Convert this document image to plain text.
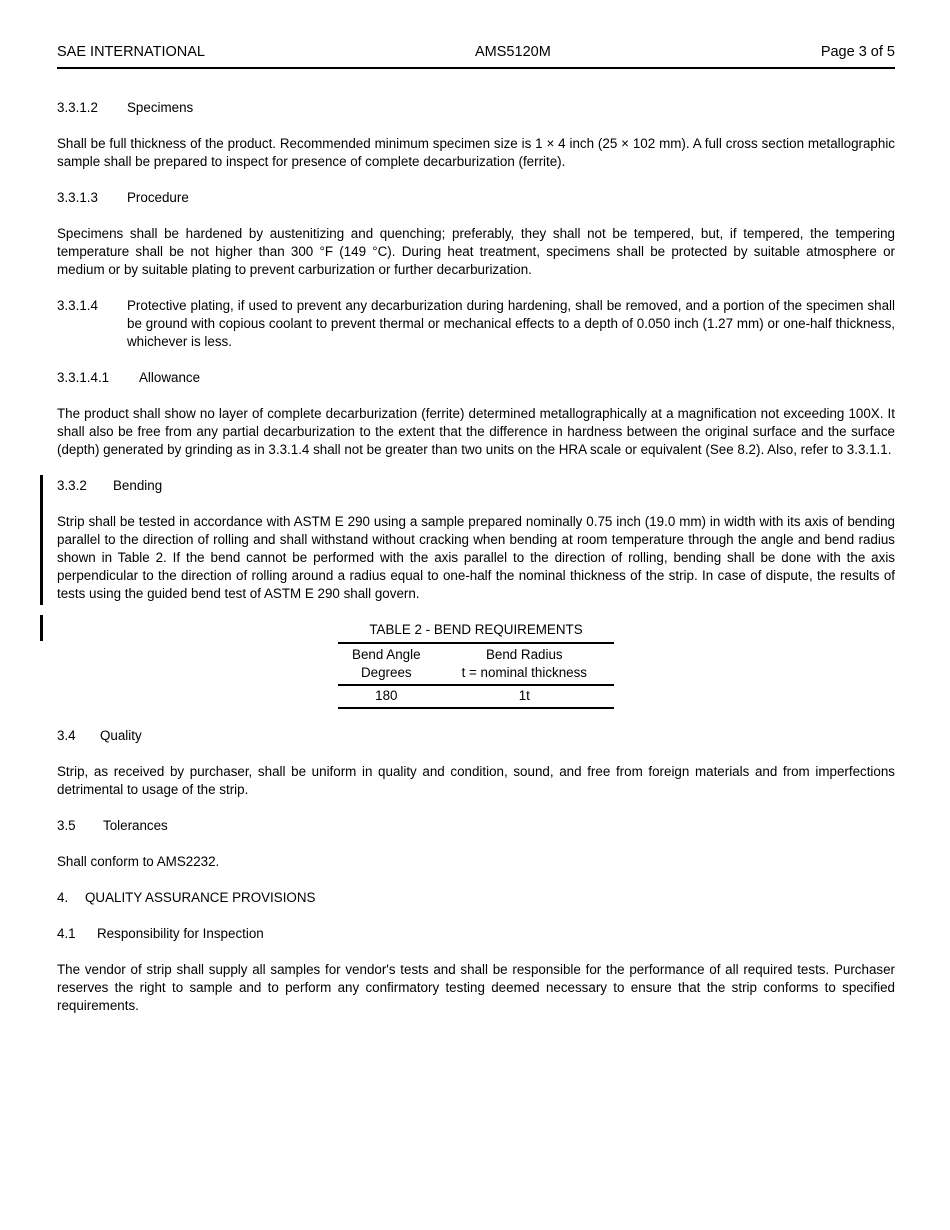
SAE INTERNATIONAL	AMS5120M	Page 3 of 5
3.3.1.2 Specimens

Shall be full thickness of the product. Recommended minimum specimen size is 1 × 4 inch (25 × 102 mm). A full cross section metallographic sample shall be prepared to inspect for presence of complete decarburization (ferrite).

3.3.1.3 Procedure

Specimens shall be hardened by austenitizing and quenching; preferably, they shall not be tempered, but, if tempered, the tempering temperature shall be not higher than 300 °F (149 °C). During heat treatment, specimens shall be protected by suitable atmosphere or medium or by suitable plating to prevent carburization or further decarburization.

3.3.1.4 Protective plating, if used to prevent any decarburization during hardening, shall be removed, and a portion of the specimen shall be ground with copious coolant to prevent thermal or mechanical effects to a depth of 0.050 inch (1.27 mm) or one-half thickness, whichever is less.
3.3.1.4.1 Allowance

The product shall show no layer of complete decarburization (ferrite) determined metallographically at a magnification not exceeding 100X. It shall also be free from any partial decarburization to the extent that the difference in hardness between the original surface and the surface (depth) generated by grinding as in 3.3.1.4 shall not be greater than two units on the HRA scale or equivalent (See 8.2). Also, refer to 3.3.1.1.

3.3.2 Bending

Strip shall be tested in accordance with ASTM E 290 using a sample prepared nominally 0.75 inch (19.0 mm) in width with its axis of bending parallel to the direction of rolling and shall withstand without cracking when bending at room temperature through the angle and bend radius shown in Table 2. If the bend cannot be performed with the axis parallel to the direction of rolling, bending shall be done with the axis perpendicular to the direction of rolling around a radius equal to one-half the nominal thickness of the strip. In case of dispute, the results of tests using the guided bend test of ASTM E 290 shall govern.

TABLE 2 - BEND REQUIREMENTS
Bend Angle	Bend Radius
Degrees	t = nominal thickness
180	1t
3.4 Quality

Strip, as received by purchaser, shall be uniform in quality and condition, sound, and free from foreign materials and from imperfections detrimental to usage of the strip.

3.5 Tolerances

Shall conform to AMS2232.

4. QUALITY ASSURANCE PROVISIONS
4.1 Responsibility for Inspection

The vendor of strip shall supply all samples for vendor's tests and shall be responsible for the performance of all required tests. Purchaser reserves the right to sample and to perform any confirmatory testing deemed necessary to ensure that the strip conforms to specified requirements.
